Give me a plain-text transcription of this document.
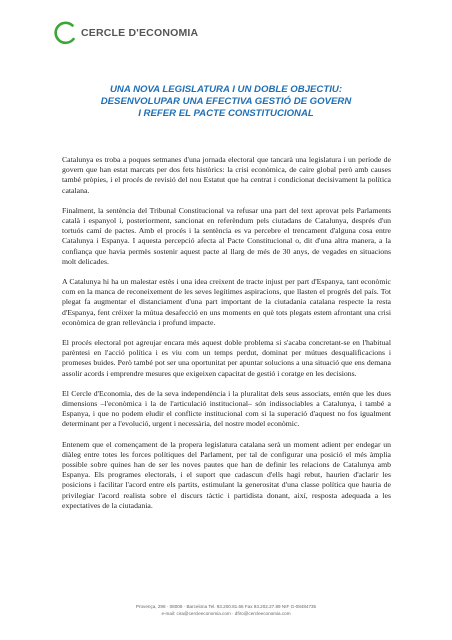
CERCLE D'ECONOMIA
UNA NOVA LEGISLATURA I UN DOBLE OBJECTIU:
DESENVOLUPAR UNA EFECTIVA GESTIÓ DE GOVERN
I REFER EL PACTE CONSTITUCIONAL

Catalunya es troba a poques setmanes d'una jornada electoral que tancarà una legislatura i un període de govern que han estat marcats per dos fets històrics: la crisi econòmica, de caire global però amb causes també pròpies, i el procés de revisió del nou Estatut que ha centrat i condicionat decisivament la política catalana.

Finalment, la sentència del Tribunal Constitucional va refusar una part del text aprovat pels Parlaments català i espanyol i, posteriorment, sancionat en referèndum pels ciutadans de Catalunya, després d'un tortuós camí de pactes. Amb el procés i la sentència es va percebre el trencament d'alguna cosa entre Catalunya i Espanya. I aquesta percepció afecta al Pacte Constitucional o, dit d'una altra manera, a la confiança que havia permès sostenir aquest pacte al llarg de més de 30 anys, de vegades en situacions molt delicades.

A Catalunya hi ha un malestar estès i una idea creixent de tracte injust per part d'Espanya, tant econòmic com en la manca de reconeixement de les seves legítimes aspiracions, que llasten el progrés del país. Tot plegat fa augmentar el distanciament d'una part important de la ciutadania catalana respecte la resta d'Espanya, fent créixer la mútua desafecció en uns moments en què tots plegats estem afrontant una crisi econòmica de gran rellevància i profund impacte.

El procés electoral pot agreujar encara més aquest doble problema si s'acaba concretant-se en l'habitual parèntesi en l'acció política i es viu com un temps perdut, dominat per mútues desqualificacions i promeses buides. Però també pot ser una oportunitat per apuntar solucions a una situació que ens demana assolir acords i emprendre mesures que exigeixen capacitat de gestió i coratge en les decisions.

El Cercle d'Economia, des de la seva independència i la pluralitat dels seus associats, entén que les dues dimensions –l'econòmica i la de l'articulació institucional– són indissociables a Catalunya, i també a Espanya, i que no podem eludir el conflicte institucional com si la superació d'aquest no fos igualment determinant per a l'evolució, urgent i necessària, del nostre model econòmic.

Entenem que el començament de la propera legislatura catalana serà un moment adient per endegar un diàleg entre totes les forces polítiques del Parlament, per tal de configurar una posició el més àmplia possible sobre quines han de ser les noves pautes que han de definir les relacions de Catalunya amb Espanya. Els programes electorals, i el suport que cadascun d'ells hagi rebut, haurien d'aclarir les posicions i facilitar l'acord entre els partits, estimulant la generositat d'una classe política que hauria de privilegiar l'acord realista sobre el discurs tàctic i partidista donant, així, resposta adequada a les expectatives de la ciutadania.

Provença, 298 · 08008 · Barcelona Tel. 93.200.81.66 Fax 93.202.27.89 NIF G-08484735
e-mail: cira@cercleeconomia.com · dfiro@cercleeconomia.com
